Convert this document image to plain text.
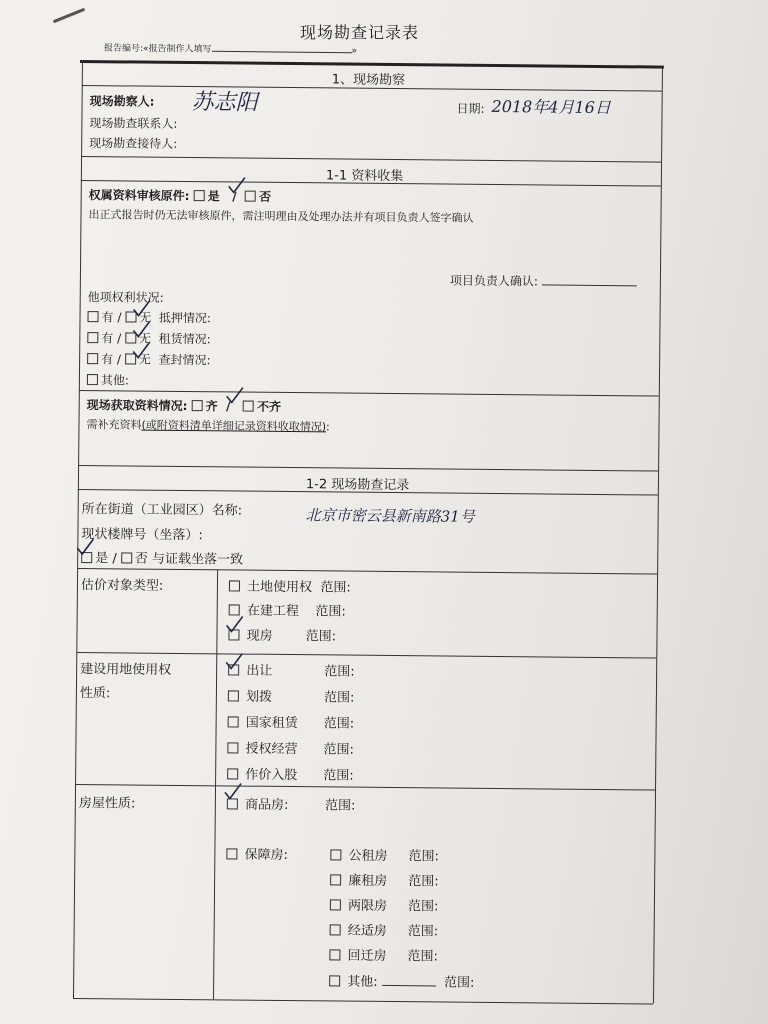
现场勘查记录表
报告编号:«报告制作人填写	»
1、现场勘察
现场勘察人: 苏志阳	日期: 2018年4月16日
现场勘查联系人:
现场勘查接待人:
1-1 资料收集
权属资料审核原件: 是 / 否
出正式报告时仍无法审核原件，需注明理由及处理办法并有项目负责人签字确认
项目负责人确认:
他项权利状况:
有 / 无 抵押情况:
有 / 无 租赁情况:
有 / 无 查封情况:
其他:
现场获取资料情况: 齐 / 不齐
需补充资料(或附资料清单详细记录资料收取情况):
1-2 现场勘查记录
所在街道（工业园区）名称:	北京市密云县新南路31号
现状楼牌号（坐落）:
是 / 否 与证载坐落一致
估价对象类型:	土地使用权 范围:
在建工程 范围:
现房	范围:
建设用地使用权
性质:
出让	范围:
划拨	范围:
国家租赁 范围:
授权经营 范围:
作价入股 范围:
房屋性质:	商品房:	范围:
保障房:	公租房 范围:
廉租房 范围:
两限房 范围:
经适房 范围:
回迁房 范围:
其他:	范围:
